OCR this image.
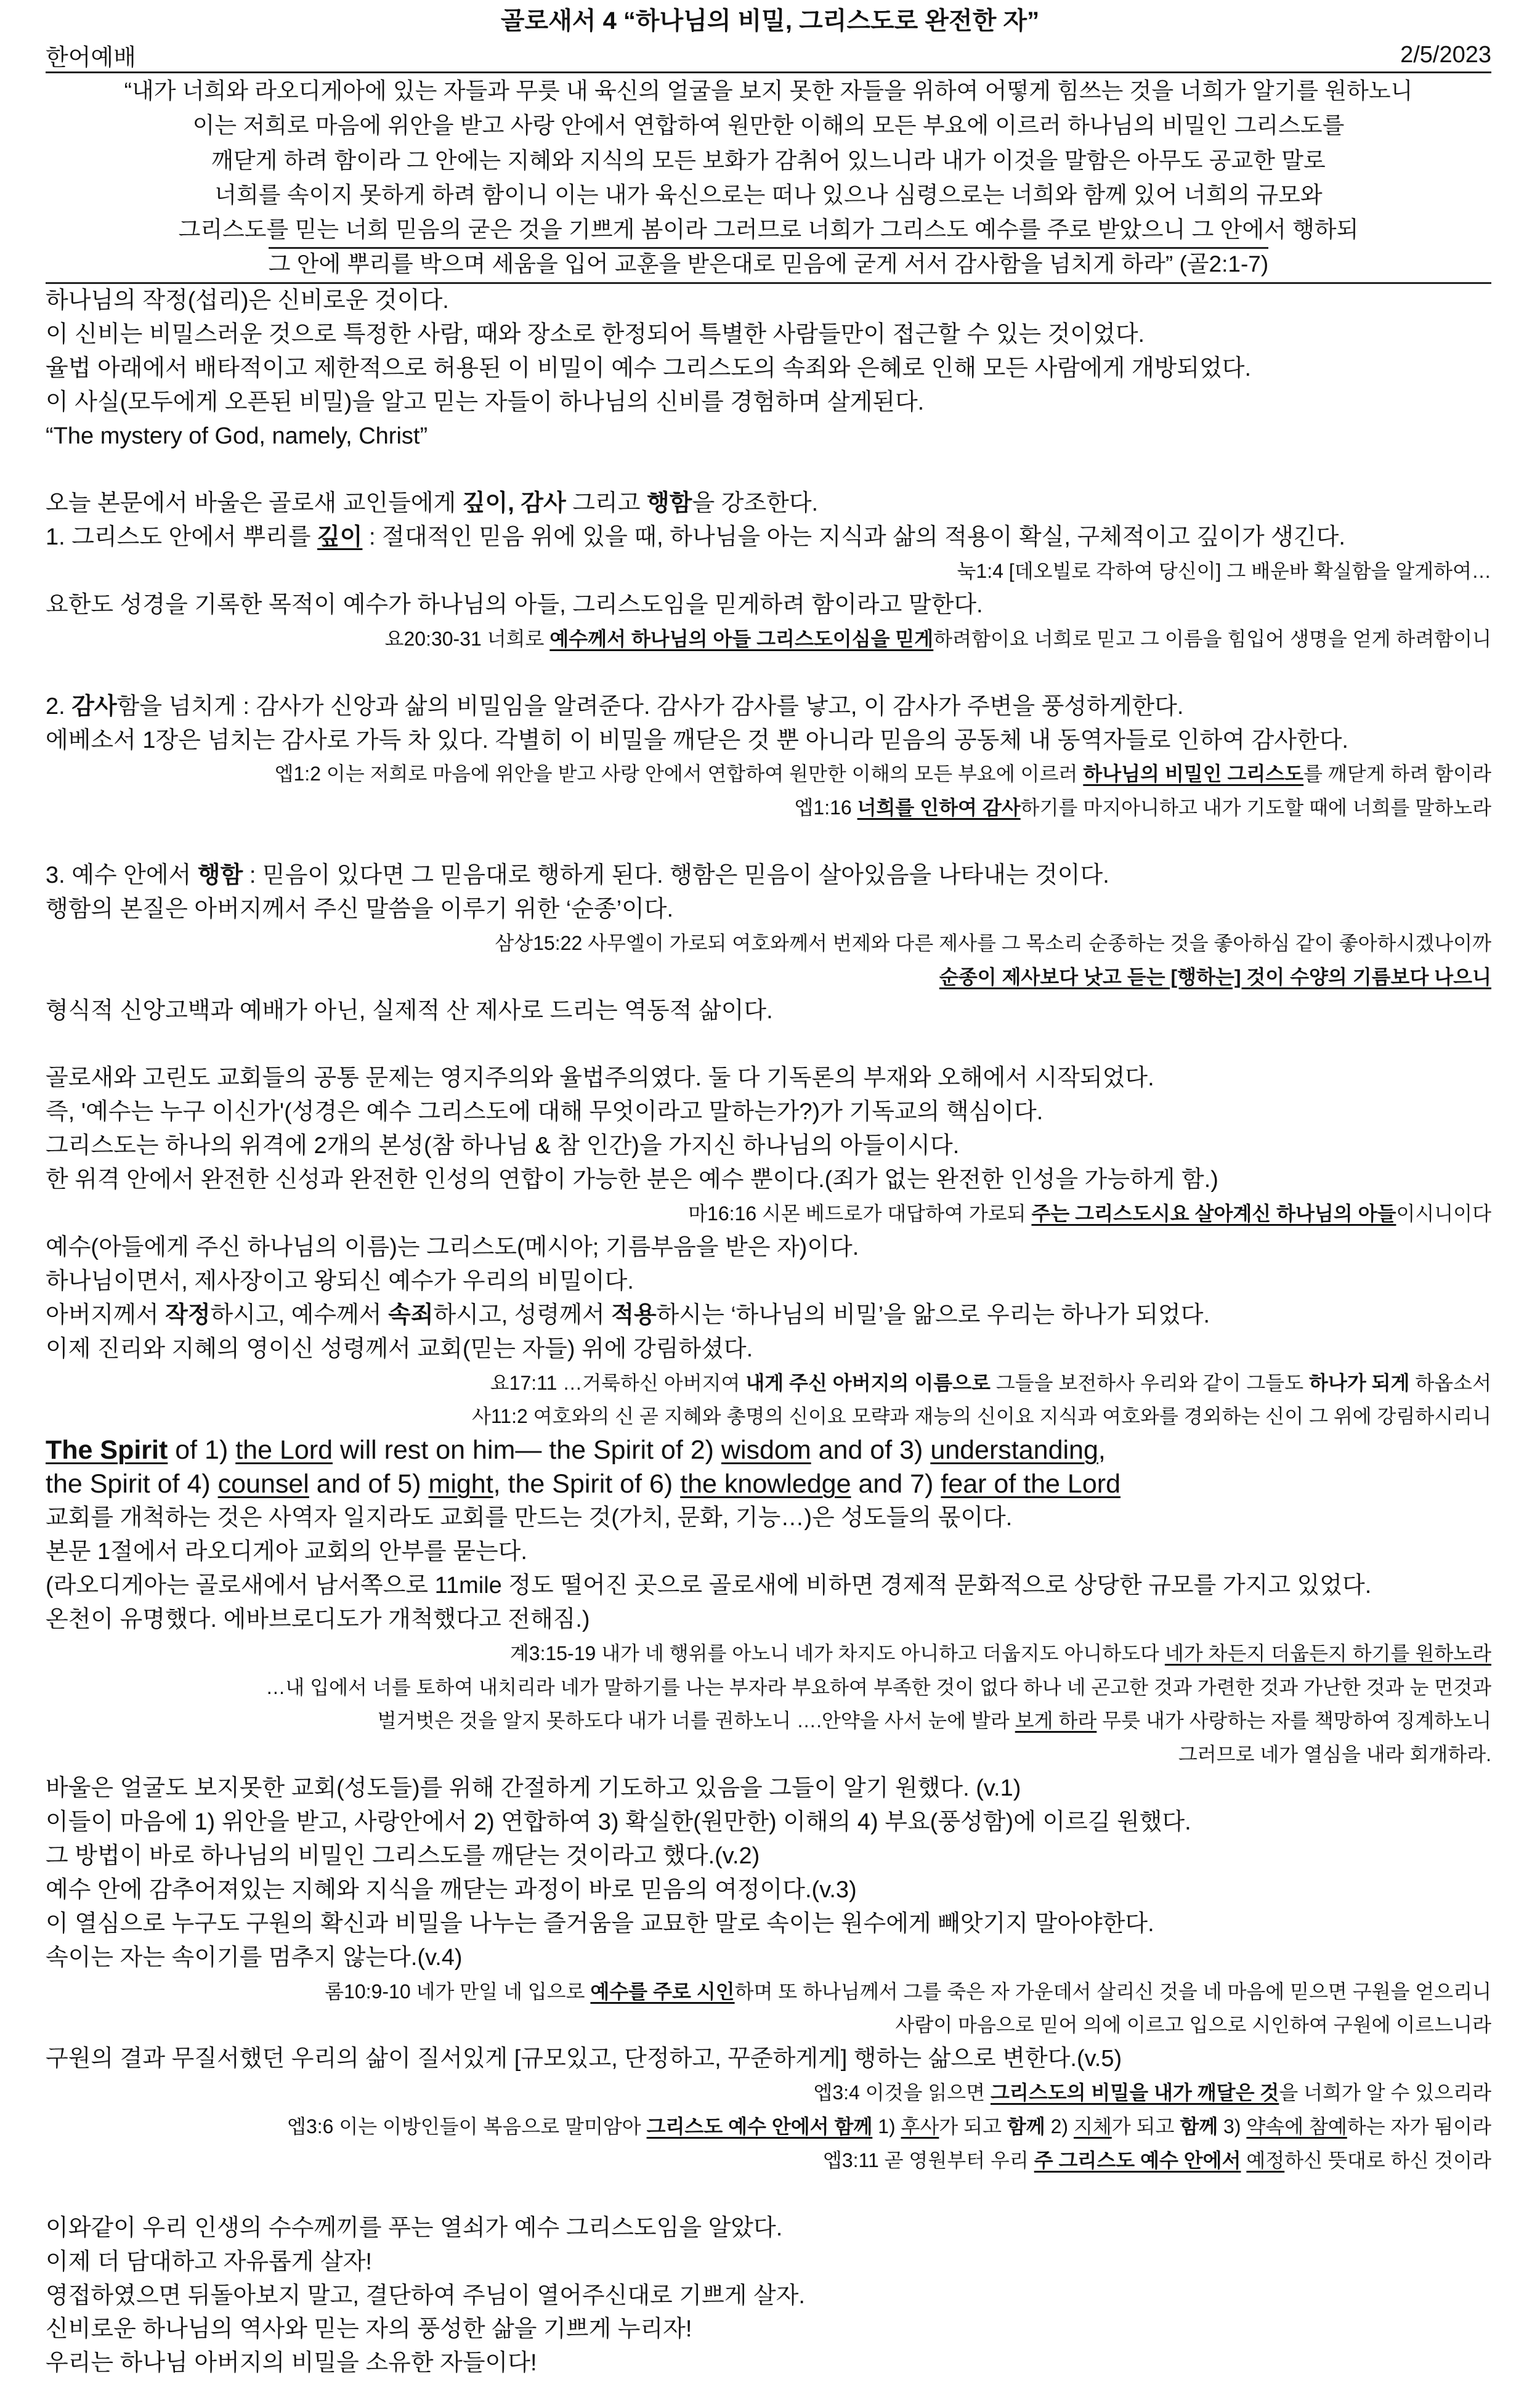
골로새서 4 “하나님의 비밀, 그리스도로 완전한 자”
한어예배	2/5/2023
“내가 너희와 라오디게아에 있는 자들과 무릇 내 육신의 얼굴을 보지 못한 자들을 위하여 어떻게 힘쓰는 것을 너희가 알기를 원하노니
이는 저희로 마음에 위안을 받고 사랑 안에서 연합하여 원만한 이해의 모든 부요에 이르러 하나님의 비밀인 그리스도를
깨닫게 하려 함이라 그 안에는 지혜와 지식의 모든 보화가 감취어 있느니라 내가 이것을 말함은 아무도 공교한 말로
너희를 속이지 못하게 하려 함이니 이는 내가 육신으로는 떠나 있으나 심령으로는 너희와 함께 있어 너희의 규모와
그리스도를 믿는 너희 믿음의 굳은 것을 기쁘게 봄이라 그러므로 너희가 그리스도 예수를 주로 받았으니 그 안에서 행하되
그 안에 뿌리를 박으며 세움을 입어 교훈을 받은대로 믿음에 굳게 서서 감사함을 넘치게 하라” (골2:1-7)
하나님의 작정(섭리)은 신비로운 것이다.
이 신비는 비밀스러운 것으로 특정한 사람, 때와 장소로 한정되어 특별한 사람들만이 접근할 수 있는 것이었다.
율법 아래에서 배타적이고 제한적으로 허용된 이 비밀이 예수 그리스도의 속죄와 은혜로 인해 모든 사람에게 개방되었다.
이 사실(모두에게 오픈된 비밀)을 알고 믿는 자들이 하나님의 신비를 경험하며 살게된다.
“The mystery of God, namely, Christ”
오늘 본문에서 바울은 골로새 교인들에게 깊이, 감사 그리고 행함을 강조한다.
1. 그리스도 안에서 뿌리를 깊이 : 절대적인 믿음 위에 있을 때, 하나님을 아는 지식과 삶의 적용이 확실, 구체적이고 깊이가 생긴다.
눅1:4 [데오빌로 각하여 당신이] 그 배운바 확실함을 알게하여…
요한도 성경을 기록한 목적이 예수가 하나님의 아들, 그리스도임을 믿게하려 함이라고 말한다.
요20:30-31 너희로 예수께서 하나님의 아들 그리스도이심을 믿게하려함이요 너희로 믿고 그 이름을 힘입어 생명을 얻게 하려함이니
2. 감사함을 넘치게 : 감사가 신앙과 삶의 비밀임을 알려준다. 감사가 감사를 낳고, 이 감사가 주변을 풍성하게한다.
에베소서 1장은 넘치는 감사로 가득 차 있다. 각별히 이 비밀을 깨닫은 것 뿐 아니라 믿음의 공동체 내 동역자들로 인하여 감사한다.
엡1:2 이는 저희로 마음에 위안을 받고 사랑 안에서 연합하여 원만한 이해의 모든 부요에 이르러 하나님의 비밀인 그리스도를 깨닫게 하려 함이라
엡1:16 너희를 인하여 감사하기를 마지아니하고 내가 기도할 때에 너희를 말하노라
3. 예수 안에서 행함 : 믿음이 있다면 그 믿음대로 행하게 된다. 행함은 믿음이 살아있음을 나타내는 것이다.
행함의 본질은 아버지께서 주신 말씀을 이루기 위한 ‘순종’이다.
삼상15:22 사무엘이 가로되 여호와께서 번제와 다른 제사를 그 목소리 순종하는 것을 좋아하심 같이 좋아하시겠나이까
순종이 제사보다 낫고 듣는 [행하는] 것이 수양의 기름보다 나으니
형식적 신앙고백과 예배가 아닌, 실제적 산 제사로 드리는 역동적 삶이다.
골로새와 고린도 교회들의 공통 문제는 영지주의와 율법주의였다. 둘 다 기독론의 부재와 오해에서 시작되었다.
즉, '예수는 누구 이신가'(성경은 예수 그리스도에 대해 무엇이라고 말하는가?)가 기독교의 핵심이다.
그리스도는 하나의 위격에 2개의 본성(참 하나님 & 참 인간)을 가지신 하나님의 아들이시다.
한 위격 안에서 완전한 신성과 완전한 인성의 연합이 가능한 분은 예수 뿐이다.(죄가 없는 완전한 인성을 가능하게 함.)
마16:16 시몬 베드로가 대답하여 가로되 주는 그리스도시요 살아계신 하나님의 아들이시니이다
예수(아들에게 주신 하나님의 이름)는 그리스도(메시아; 기름부음을 받은 자)이다.
하나님이면서, 제사장이고 왕되신 예수가 우리의 비밀이다.
아버지께서 작정하시고, 예수께서 속죄하시고, 성령께서 적용하시는 ‘하나님의 비밀’을 앎으로 우리는 하나가 되었다.
이제 진리와 지혜의 영이신 성령께서 교회(믿는 자들) 위에 강림하셨다.
요17:11 …거룩하신 아버지여 내게 주신 아버지의 이름으로 그들을 보전하사 우리와 같이 그들도 하나가 되게 하옵소서
사11:2 여호와의 신 곧 지혜와 총명의 신이요 모략과 재능의 신이요 지식과 여호와를 경외하는 신이 그 위에 강림하시리니
The Spirit of 1) the Lord will rest on him— the Spirit of 2) wisdom and of 3) understanding,
the Spirit of 4) counsel and of 5) might, the Spirit of 6) the knowledge and 7) fear of the Lord
교회를 개척하는 것은 사역자 일지라도 교회를 만드는 것(가치, 문화, 기능…)은 성도들의 몫이다.
본문 1절에서 라오디게아 교회의 안부를 묻는다.
(라오디게아는 골로새에서 남서쪽으로 11mile 정도 떨어진 곳으로 골로새에 비하면 경제적 문화적으로 상당한 규모를 가지고 있었다.
온천이 유명했다. 에바브로디도가 개척했다고 전해짐.)
계3:15-19 내가 네 행위를 아노니 네가 차지도 아니하고 더웁지도 아니하도다 네가 차든지 더웁든지 하기를 원하노라
…내 입에서 너를 토하여 내치리라 네가 말하기를 나는 부자라 부요하여 부족한 것이 없다 하나 네 곤고한 것과 가련한 것과 가난한 것과 눈 먼것과
벌거벗은 것을 알지 못하도다 내가 너를 권하노니 ….안약을 사서 눈에 발라 보게 하라 무릇 내가 사랑하는 자를 책망하여 징계하노니
그러므로 네가 열심을 내라 회개하라.
바울은 얼굴도 보지못한 교회(성도들)를 위해 간절하게 기도하고 있음을 그들이 알기 원했다. (v.1)
이들이 마음에 1) 위안을 받고, 사랑안에서 2) 연합하여 3) 확실한(원만한) 이해의 4) 부요(풍성함)에 이르길 원했다.
그 방법이 바로 하나님의 비밀인 그리스도를 깨닫는 것이라고 했다.(v.2)
예수 안에 감추어져있는 지혜와 지식을 깨닫는 과정이 바로 믿음의 여정이다.(v.3)
이 열심으로 누구도 구원의 확신과 비밀을 나누는 즐거움을 교묘한 말로 속이는 원수에게 빼앗기지 말아야한다.
속이는 자는 속이기를 멈추지 않는다.(v.4)
롬10:9-10 네가 만일 네 입으로 예수를 주로 시인하며 또 하나님께서 그를 죽은 자 가운데서 살리신 것을 네 마음에 믿으면 구원을 얻으리니
사람이 마음으로 믿어 의에 이르고 입으로 시인하여 구원에 이르느니라
구원의 결과 무질서했던 우리의 삶이 질서있게 [규모있고, 단정하고, 꾸준하게게] 행하는 삶으로 변한다.(v.5)
엡3:4 이것을 읽으면 그리스도의 비밀을 내가 깨달은 것을 너희가 알 수 있으리라
엡3:6 이는 이방인들이 복음으로 말미암아 그리스도 예수 안에서 함께 1) 후사가 되고 함께 2) 지체가 되고 함께 3) 약속에 참예하는 자가 됨이라
엡3:11 곧 영원부터 우리 주 그리스도 예수 안에서 예정하신 뜻대로 하신 것이라
이와같이 우리 인생의 수수께끼를 푸는 열쇠가 예수 그리스도임을 알았다.
이제 더 담대하고 자유롭게 살자!
영접하였으면 뒤돌아보지 말고, 결단하여 주님이 열어주신대로 기쁘게 살자.
신비로운 하나님의 역사와 믿는 자의 풍성한 삶을 기쁘게 누리자!
우리는 하나님 아버지의 비밀을 소유한 자들이다!
